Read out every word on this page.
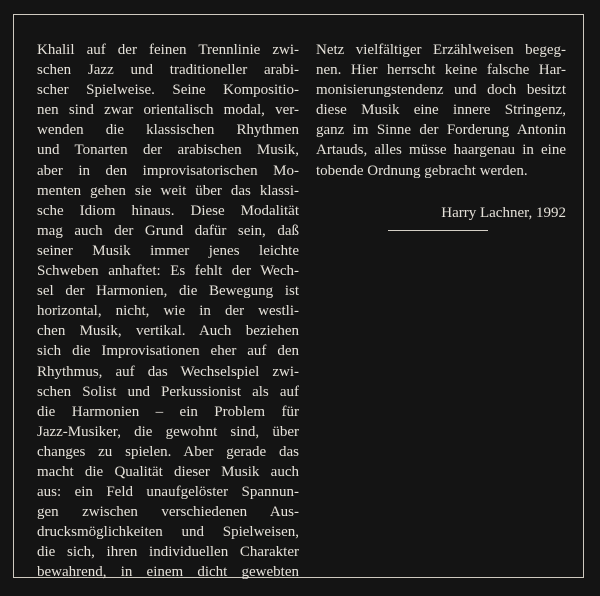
Khalil auf der feinen Trennlinie zwi-
schen Jazz und traditioneller arabi-
scher Spielweise. Seine Kompositio-
nen sind zwar orientalisch modal, ver-
wenden die klassischen Rhythmen
und Tonarten der arabischen Musik,
aber in den improvisatorischen Mo-
menten gehen sie weit über das klassi-
sche Idiom hinaus. Diese Modalität
mag auch der Grund dafür sein, daß
seiner Musik immer jenes leichte
Schweben anhaftet: Es fehlt der Wech-
sel der Harmonien, die Bewegung ist
horizontal, nicht, wie in der westli-
chen Musik, vertikal. Auch beziehen
sich die Improvisationen eher auf den
Rhythmus, auf das Wechselspiel zwi-
schen Solist und Perkussionist als auf
die Harmonien – ein Problem für
Jazz-Musiker, die gewohnt sind, über
changes zu spielen. Aber gerade das
macht die Qualität dieser Musik auch
aus: ein Feld unaufgelöster Spannun-
gen zwischen verschiedenen Aus-
drucksmöglichkeiten und Spielweisen,
die sich, ihren individuellen Charakter
bewahrend, in einem dicht gewebten
Netz vielfältiger Erzählweisen begeg-
nen. Hier herrscht keine falsche Har-
monisierungstendenz und doch besitzt
diese Musik eine innere Stringenz,
ganz im Sinne der Forderung Antonin
Artauds, alles müsse haargenau in eine
tobende Ordnung gebracht werden.
Harry Lachner, 1992
